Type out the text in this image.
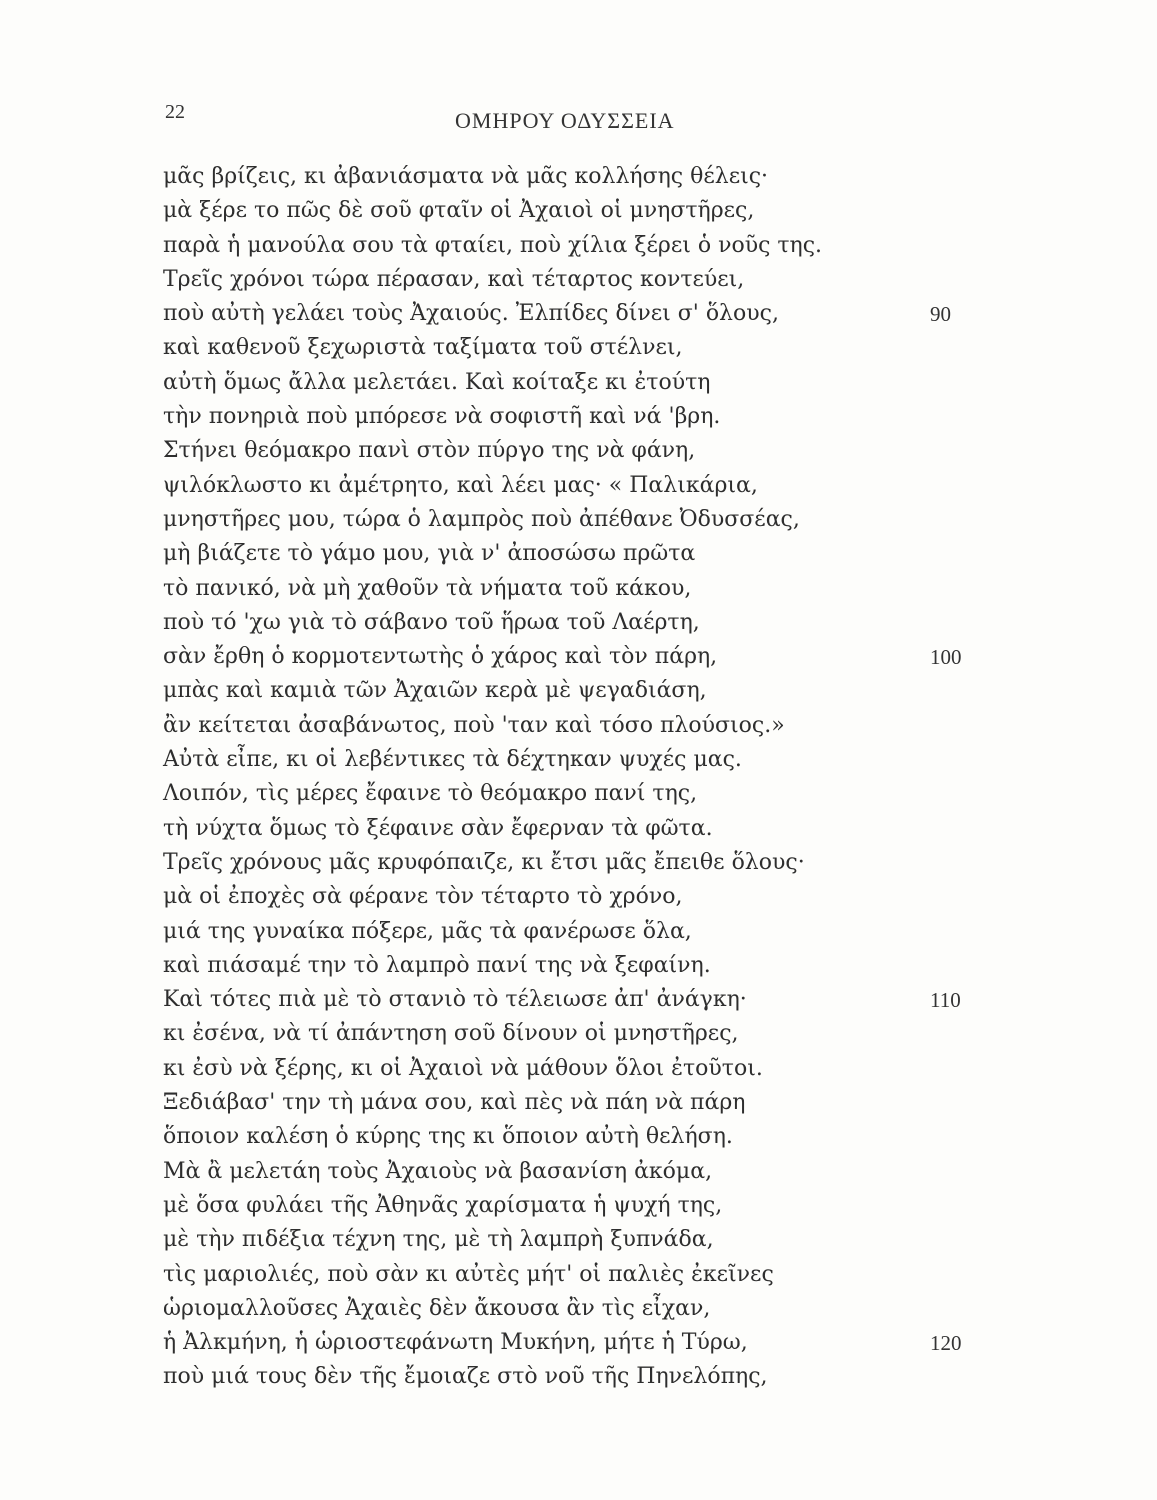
22	ΟΜΗΡΟΥ ΟΔΥΣΣΕΙΑ
μᾶς βρίζεις, κι ἀβανιάσματα νὰ μᾶς κολλήσης θέλεις·
μὰ ξέρε το πῶς δὲ σοῦ φταῖν οἱ Ἀχαιοὶ οἱ μνηστῆρες,
παρὰ ἡ μανούλα σου τὰ φταίει, ποὺ χίλια ξέρει ὁ νοῦς της.
Τρεῖς χρόνοι τώρα πέρασαν, καὶ τέταρτος κοντεύει,
ποὺ αὐτὴ γελάει τοὺς Ἀχαιούς. Ἐλπίδες δίνει σ' ὅλους,
καὶ καθενοῦ ξεχωριστὰ ταξίματα τοῦ στέλνει,
αὐτὴ ὅμως ἄλλα μελετάει. Καὶ κοίταξε κι ἐτούτη
τὴν πονηριὰ ποὺ μπόρεσε νὰ σοφιστῆ καὶ νά 'βρη.
Στήνει θεόμακρο πανὶ στὸν πύργο της νὰ φάνη,
ψιλόκλωστο κι ἀμέτρητο, καὶ λέει μας· « Παλικάρια,
μνηστῆρες μου, τώρα ὁ λαμπρὸς ποὺ ἀπέθανε Ὀδυσσέας,
μὴ βιάζετε τὸ γάμο μου, γιὰ ν' ἀποσώσω πρῶτα
τὸ πανικό, νὰ μὴ χαθοῦν τὰ νήματα τοῦ κάκου,
ποὺ τό 'χω γιὰ τὸ σάβανο τοῦ ἥρωα τοῦ Λαέρτη,
σὰν ἔρθη ὁ κορμοτεντωτὴς ὁ χάρος καὶ τὸν πάρη,
μπὰς καὶ καμιὰ τῶν Ἀχαιῶν κερὰ μὲ ψεγαδιάση,
ἂν κείτεται ἀσαβάνωτος, ποὺ 'ταν καὶ τόσο πλούσιος.»
Αὐτὰ εἶπε, κι οἱ λεβέντικες τὰ δέχτηκαν ψυχές μας.
Λοιπόν, τὶς μέρες ἔφαινε τὸ θεόμακρο πανί της,
τὴ νύχτα ὅμως τὸ ξέφαινε σὰν ἔφερναν τὰ φῶτα.
Τρεῖς χρόνους μᾶς κρυφόπαιζε, κι ἔτσι μᾶς ἔπειθε ὅλους·
μὰ οἱ ἐποχὲς σὰ φέρανε τὸν τέταρτο τὸ χρόνο,
μιά της γυναίκα πόξερε, μᾶς τὰ φανέρωσε ὅλα,
καὶ πιάσαμέ την τὸ λαμπρὸ πανί της νὰ ξεφαίνη.
Καὶ τότες πιὰ μὲ τὸ στανιὸ τὸ τέλειωσε ἀπ' ἀνάγκη·
κι ἐσένα, νὰ τί ἀπάντηση σοῦ δίνουν οἱ μνηστῆρες,
κι ἐσὺ νὰ ξέρης, κι οἱ Ἀχαιοὶ νὰ μάθουν ὅλοι ἐτοῦτοι.
Ξεδιάβασ' την τὴ μάνα σου, καὶ πὲς νὰ πάη νὰ πάρη
ὅποιον καλέση ὁ κύρης της κι ὅποιον αὐτὴ θελήση.
Μὰ ἂ μελετάη τοὺς Ἀχαιοὺς νὰ βασανίση ἀκόμα,
μὲ ὅσα φυλάει τῆς Ἀθηνᾶς χαρίσματα ἡ ψυχή της,
μὲ τὴν πιδέξια τέχνη της, μὲ τὴ λαμπρὴ ξυπνάδα,
τὶς μαριολιές, ποὺ σὰν κι αὐτὲς μήτ' οἱ παλιὲς ἐκεῖνες
ὡριομαλλοῦσες Ἀχαιὲς δὲν ἄκουσα ἂν τὶς εἶχαν,
ἡ Ἀλκμήνη, ἡ ὡριοστεφάνωτη Μυκήνη, μήτε ἡ Τύρω,
ποὺ μιά τους δὲν τῆς ἔμοιαζε στὸ νοῦ τῆς Πηνελόπης,
90
100
110
120
